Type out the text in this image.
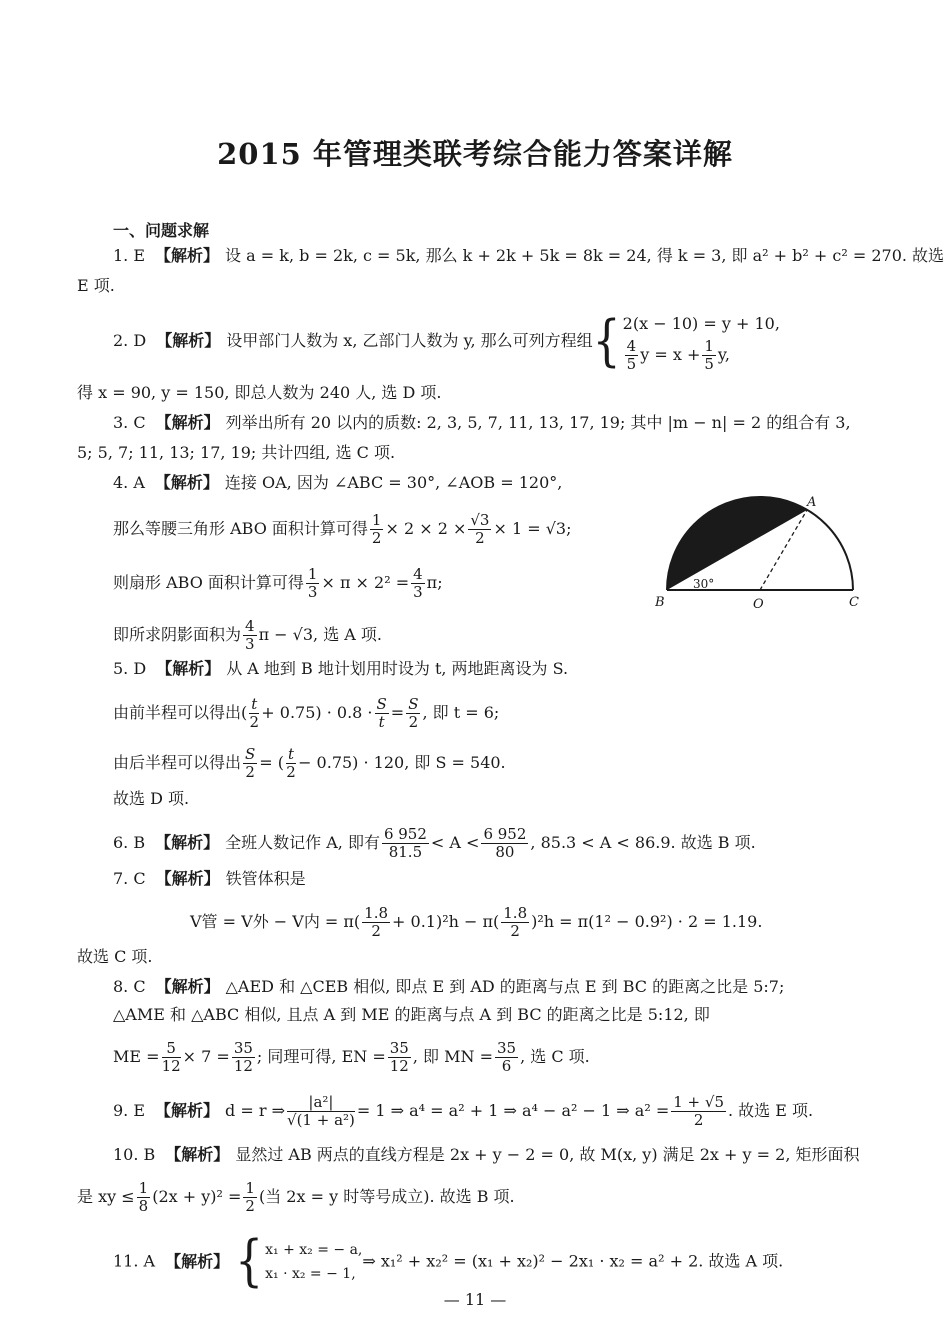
2015 年管理类联考综合能力答案详解
一、问题求解
1. E 【解析】 设 a = k, b = 2k, c = 5k, 那么 k + 2k + 5k = 8k = 24, 得 k = 3, 即 a² + b² + c² = 270. 故选
E 项.
2. D 【解析】 设甲部门人数为 x, 乙部门人数为 y, 那么可列方程组{ 2(x − 10) = y + 10,
$\frac{4}{5}$ $y = x + \frac{1}{5} y$,
得 x = 90, y = 150, 即总人数为 240 人, 选 D 项.
3. C 【解析】 列举出所有 20 以内的质数: 2, 3, 5, 7, 11, 13, 17, 19; 其中 |m − n| = 2 的组合有 3,
5; 5, 7; 11, 13; 17, 19; 共计四组, 选 C 项.
4. A 【解析】 连接 OA, 因为 ∠ABC = 30°, ∠AOB = 120°,
那么等腰三角形 ABO 面积计算可得 $\frac{1}{2} \times 2 \times 2 \times \frac{√3}{2} \times 1 = √3$;
则扇形 ABO 面积计算可得 $\frac{1}{3} \times \pi \times 2^2 = \frac{4}{3} \pi$;
即所求阴影面积为 $\frac{4}{3}$ π − √3, 选 A 项.
A
B	O	C
30°
5. D 【解析】 从 A 地到 B 地计划用时设为 t, 两地距离设为 S.
由前半程可以得出( $\frac{t}{2} + 0.75) \cdot 0.8 \cdot \frac{S}{t} = \frac{S}{2}$ , 即 t = 6;
由后半程可以得出 $\frac{S}{2}$ = ( $\frac{t}{2} - 0.75) \cdot 120$, 即 S = 540.
故选 D 项.
6. B 【解析】 全班人数记作 A, 即有 $\frac{6 952}{81.5} < A < \frac{6 952}{80}$ , 85.3 < A < 86.9. 故选 B 项.
7. C 【解析】 铁管体积是
V管 = V外 − V内 = $\pi( \frac{1.8}{2} + 0.1)^2h - \pi( \frac{1.8}{2} )^2h = \pi(1^2 - 0.9^2) \cdot 2 = 1.19$.
故选 C 项.
8. C 【解析】 △AED 和 △CEB 相似, 即点 E 到 AD 的距离与点 E 到 BC 的距离之比是 5:7;
△AME 和 △ABC 相似, 且点 A 到 ME 的距离与点 A 到 BC 的距离之比是 5:12, 即
ME = $\frac{5}{12} \times 7 = \frac{35}{12}$ ; 同理可得, EN = $\frac{35}{12}$ , 即 MN = $\frac{35}{6}$ , 选 C 项.
9. E 【解析】 d = r ⇒ $\frac{\text{|a²|}}{\text{√(1 + a²)}} = 1$ ⇒ a⁴ = a² + 1 ⇒ a⁴ − a² − 1 ⇒ $a^2 = \frac{1 + √5}{2}$ . 故选 E 项.
10. B 【解析】 显然过 AB 两点的直线方程是 2x + y − 2 = 0, 故 M(x, y) 满足 2x + y = 2, 矩形面积
是 xy ≤ $\frac{1}{8} (2x + y)^2 = \frac{1}{2}$ (当 2x = y 时等号成立). 故选 B 项.
11. A 【解析】 { x₁ + x₂ = − a,
x₁ · x₂ = − 1,
⇒ x₁² + x₂² = (x₁ + x₂)² − 2x₁ · x₂ = a² + 2. 故选 A 项.
— 11 —
